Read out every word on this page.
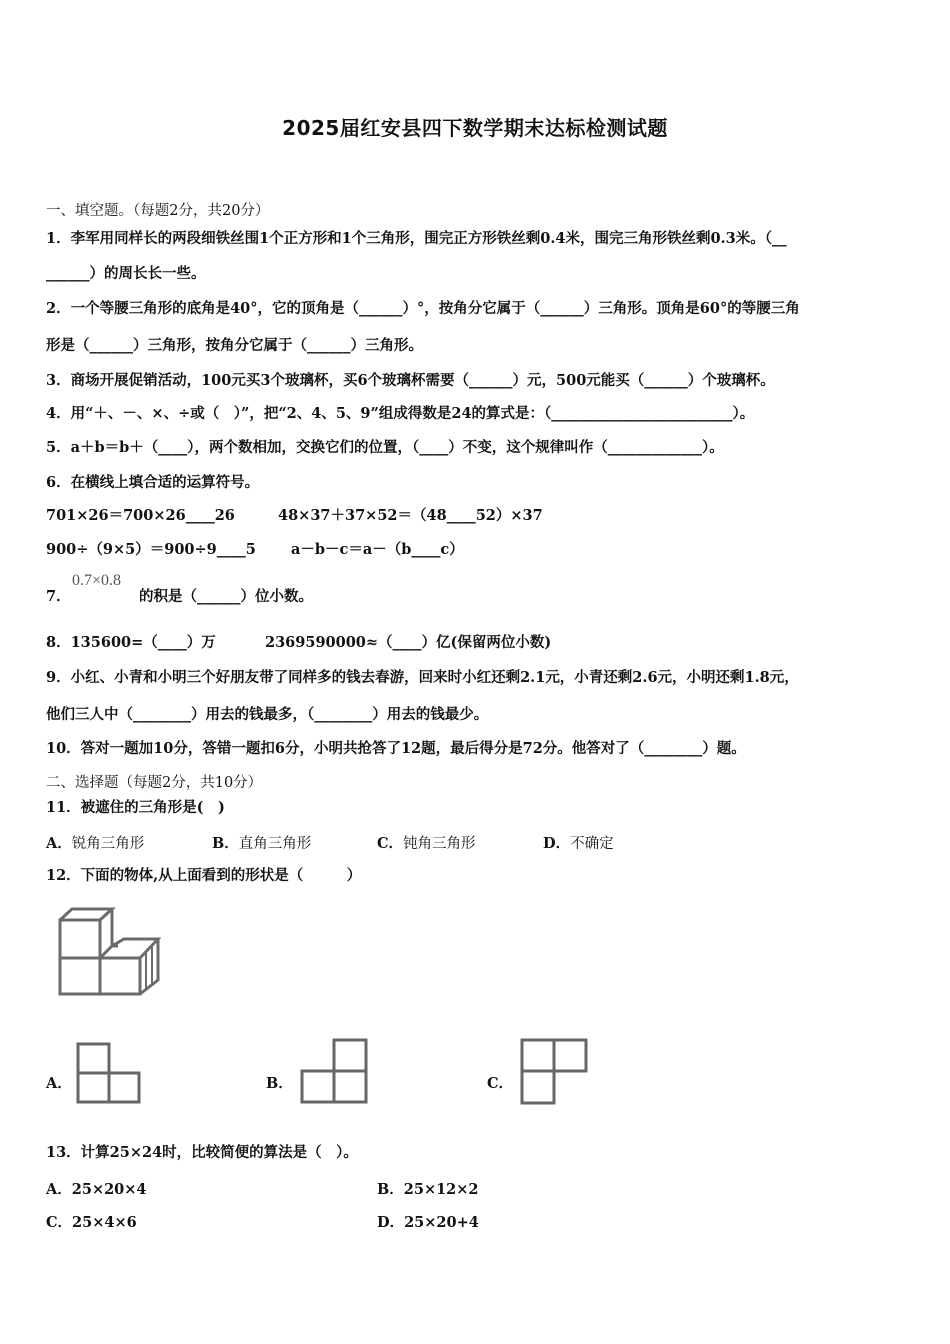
2025届红安县四下数学期末达标检测试题
一、填空题。（每题2分，共20分）
1．李军用同样长的两段细铁丝围1个正方形和1个三角形，围完正方形铁丝剩0.4米，围完三角形铁丝剩0.3米。（__
______）的周长长一些。
2．一个等腰三角形的底角是40°，它的顶角是（______）°，按角分它属于（______）三角形。顶角是60°的等腰三角
形是（______）三角形，按角分它属于（______）三角形。
3．商场开展促销活动，100元买3个玻璃杯，买6个玻璃杯需要（______）元，500元能买（______）个玻璃杯。
4．用“＋、－、×、÷或（　）”，把“2、4、5、9”组成得数是24的算式是：（_________________________）。
5．a＋b＝b＋（____），两个数相加，交换它们的位置，（____）不变，这个规律叫作（_____________）。
6．在横线上填合适的运算符号。
701×26＝700×26____26	48×37＋37×52＝（48____52）×37
900÷（9×5）＝900÷9____5 a－b－c＝a－（b____c）
7．
0.7×0.8
的积是（______）位小数。
8．135600=（____）万	2369590000≈（____）亿(保留两位小数)
9．小红、小青和小明三个好朋友带了同样多的钱去春游，回来时小红还剩2.1元，小青还剩2.6元，小明还剩1.8元，
他们三人中（________）用去的钱最多，（________）用去的钱最少。
10．答对一题加10分，答错一题扣6分，小明共抢答了12题，最后得分是72分。他答对了（________）题。
二、选择题（每题2分，共10分）
11．被遮住的三角形是(　)
A．锐角三角形	B．直角三角形	C．钝角三角形	D．不确定
12．下面的物体,从上面看到的形状是（　　　）
A．	B．	C．
13．计算25×24时，比较简便的算法是（　）。
A．25×20×4	B．25×12×2
C．25×4×6	D．25×20+4
